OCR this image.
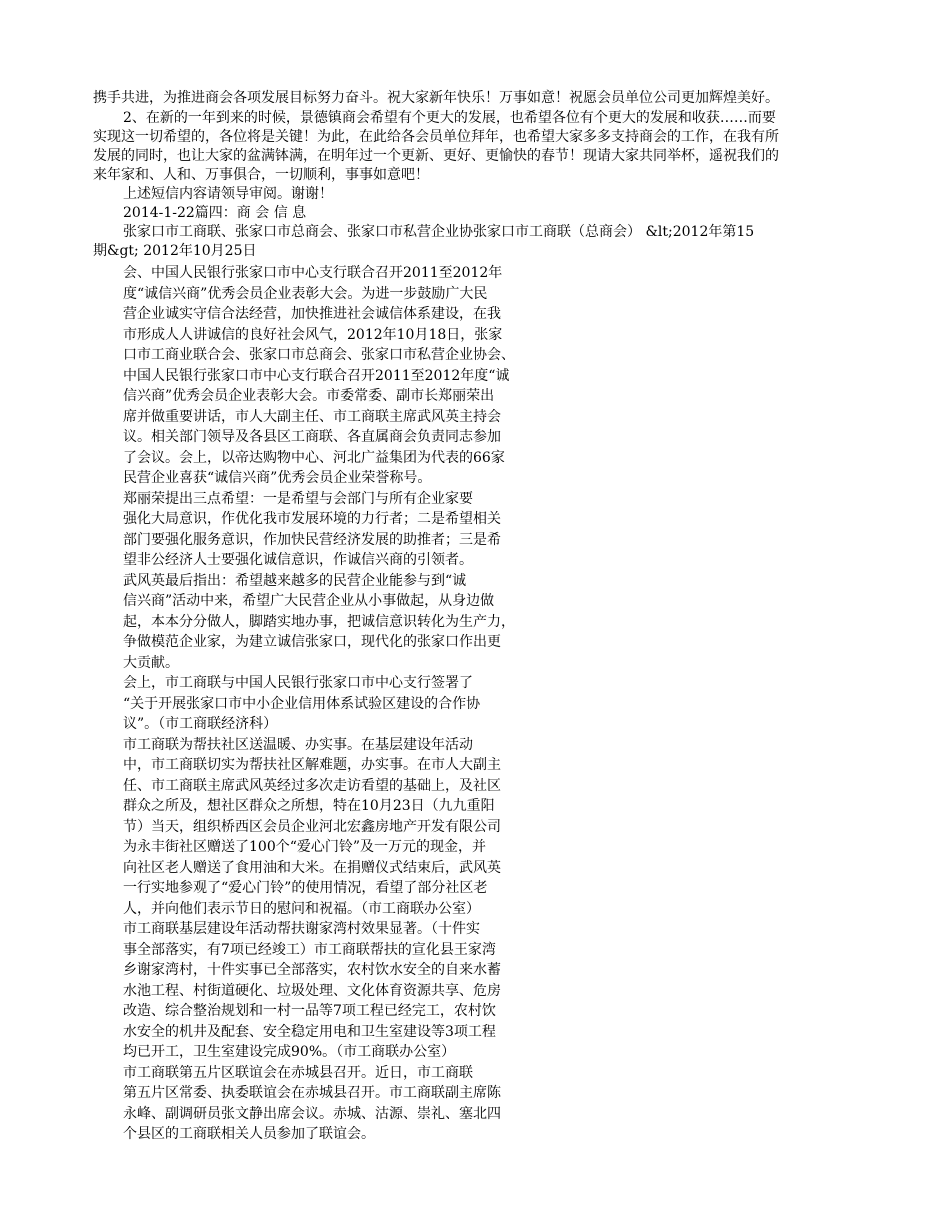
携手共进，为推进商会各项发展目标努力奋斗。祝大家新年快乐！万事如意！祝愿会员单位公司更加辉煌美好。
2、在新的一年到来的时候，景德镇商会希望有个更大的发展，也希望各位有个更大的发展和收获……而要
实现这一切希望的，各位将是关键！为此，在此给各会员单位拜年，也希望大家多多支持商会的工作，在我有所
发展的同时，也让大家的盆满钵满，在明年过一个更新、更好、更愉快的春节！现请大家共同举杯，遥祝我们的
来年家和、人和、万事俱合，一切顺利，事事如意吧！
上述短信内容请领导审阅。谢谢！
2014-1-22篇四：商 会 信 息
张家口市工商联、张家口市总商会、张家口市私营企业协张家口市工商联（总商会） &lt;2012年第15
期&gt; 2012年10月25日
会、中国人民银行张家口市中心支行联合召开2011至2012年
度“诚信兴商”优秀会员企业表彰大会。为进一步鼓励广大民
营企业诚实守信合法经营，加快推进社会诚信体系建设，在我
市形成人人讲诚信的良好社会风气，2012年10月18日，张家
口市工商业联合会、张家口市总商会、张家口市私营企业协会、
中国人民银行张家口市中心支行联合召开2011至2012年度“诚
信兴商”优秀会员企业表彰大会。市委常委、副市长郑丽荣出
席并做重要讲话，市人大副主任、市工商联主席武风英主持会
议。相关部门领导及各县区工商联、各直属商会负责同志参加
了会议。会上，以帝达购物中心、河北广益集团为代表的66家
民营企业喜获“诚信兴商”优秀会员企业荣誉称号。
郑丽荣提出三点希望：一是希望与会部门与所有企业家要
强化大局意识，作优化我市发展环境的力行者；二是希望相关
部门要强化服务意识，作加快民营经济发展的助推者；三是希
望非公经济人士要强化诚信意识，作诚信兴商的引领者。
武风英最后指出：希望越来越多的民营企业能参与到“诚
信兴商”活动中来，希望广大民营企业从小事做起，从身边做
起，本本分分做人，脚踏实地办事，把诚信意识转化为生产力，
争做模范企业家，为建立诚信张家口，现代化的张家口作出更
大贡献。
会上，市工商联与中国人民银行张家口市中心支行签署了
“关于开展张家口市中小企业信用体系试验区建设的合作协
议”。（市工商联经济科）
市工商联为帮扶社区送温暖、办实事。在基层建设年活动
中，市工商联切实为帮扶社区解难题，办实事。在市人大副主
任、市工商联主席武风英经过多次走访看望的基础上，及社区
群众之所及，想社区群众之所想，特在10月23日（九九重阳
节）当天，组织桥西区会员企业河北宏鑫房地产开发有限公司
为永丰街社区赠送了100个“爱心门铃”及一万元的现金，并
向社区老人赠送了食用油和大米。在捐赠仪式结束后，武风英
一行实地参观了“爱心门铃”的使用情况，看望了部分社区老
人，并向他们表示节日的慰问和祝福。（市工商联办公室）
市工商联基层建设年活动帮扶谢家湾村效果显著。（十件实
事全部落实，有7项已经竣工）市工商联帮扶的宣化县王家湾
乡谢家湾村，十件实事已全部落实，农村饮水安全的自来水蓄
水池工程、村街道硬化、垃圾处理、文化体育资源共享、危房
改造、综合整治规划和一村一品等7项工程已经完工，农村饮
水安全的机井及配套、安全稳定用电和卫生室建设等3项工程
均已开工，卫生室建设完成90%。（市工商联办公室）
市工商联第五片区联谊会在赤城县召开。近日，市工商联
第五片区常委、执委联谊会在赤城县召开。市工商联副主席陈
永峰、副调研员张文静出席会议。赤城、沽源、崇礼、塞北四
个县区的工商联相关人员参加了联谊会。
